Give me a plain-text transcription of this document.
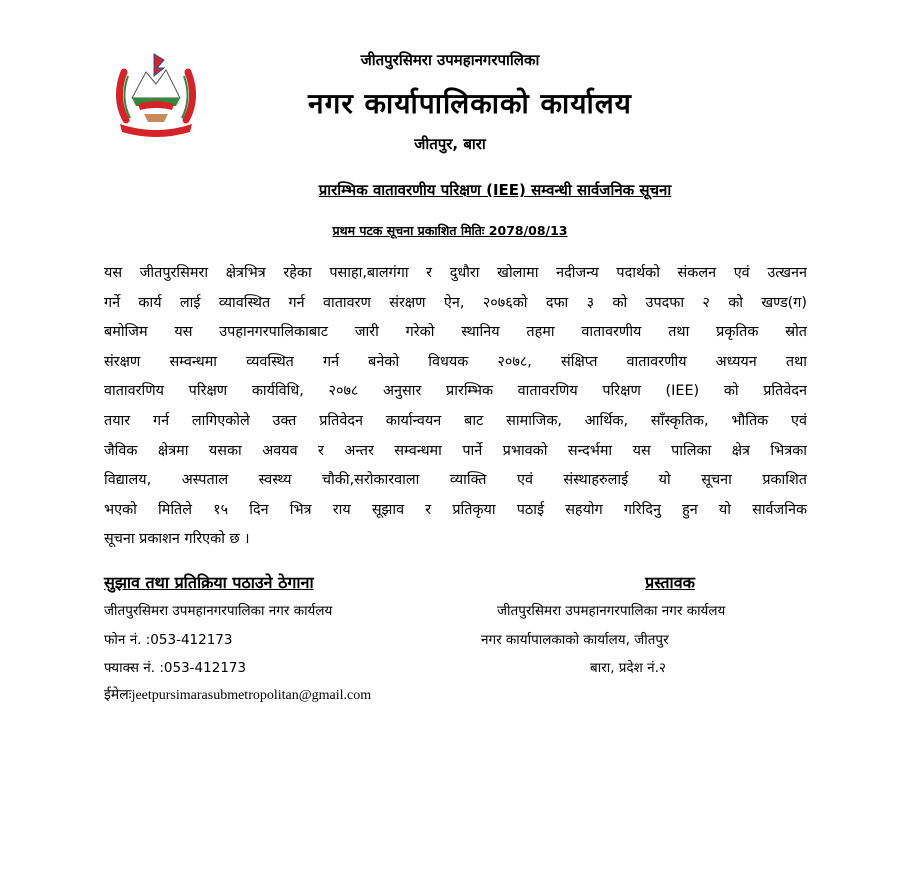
जीतपुरसिमरा उपमहानगरपालिका
नगर कार्यापालिकाको कार्यालय
जीतपुर, बारा
प्रारम्भिक वातावरणीय परिक्षण (IEE) सम्वन्धी सार्वजनिक सूचना
प्रथम पटक सूचना प्रकाशित मितिः 2078/08/13
यस जीतपुरसिमरा क्षेत्रभित्र रहेका पसाहा,बालगंगा र दुधौरा खोलामा नदीजन्य पदार्थको संकलन एवं उत्खनन
गर्ने कार्य लाई व्यावस्थित गर्न वातावरण संरक्षण ऐन, २०७६को दफा ३ को उपदफा २ को खण्ड(ग)
बमोजिम यस उपहानगरपालिकाबाट जारी गरेको स्थानिय तहमा वातावरणीय तथा प्रकृतिक स्रोत
संरक्षण सम्वन्धमा व्यवस्थित गर्न बनेको विधयक २०७८, संक्षिप्त वातावरणीय अध्ययन तथा
वातावरणिय परिक्षण कार्यविधि, २०७८ अनुसार प्रारम्भिक वातावरणिय परिक्षण (IEE) को प्रतिवेदन
तयार गर्न लागिएकोले उक्त प्रतिवेदन कार्यान्वयन बाट सामाजिक, आर्थिक, साँस्कृतिक, भौतिक एवं
जैविक क्षेत्रमा यसका अवयव र अन्तर सम्वन्धमा पार्ने प्रभावको सन्दर्भमा यस पालिका क्षेत्र भित्रका
विद्यालय, अस्पताल स्वस्थ्य चौकी,सरोकारवाला व्याक्ति एवं संस्थाहरुलाई यो सूचना प्रकाशित
भएको मितिले १५ दिन भित्र राय सूझाव र प्रतिकृया पठाई सहयोग गरिदिनु हुन यो सार्वजनिक
सूचना प्रकाशन गरिएको छ ।
सुझाव तथा प्रतिक्रिया पठाउने ठेगाना	प्रस्तावक
जीतपुरसिमरा उपमहानगरपालिका नगर कार्यलय
फोन नं. :053-412173
फ्याक्स नं. :053-412173
ईमेलःjeetpursimarasubmetropolitan@gmail.com
जीतपुरसिमरा उपमहानगरपालिका नगर कार्यलय
नगर कार्यापालकाको कार्यालय, जीतपुर
बारा, प्रदेश नं.२
